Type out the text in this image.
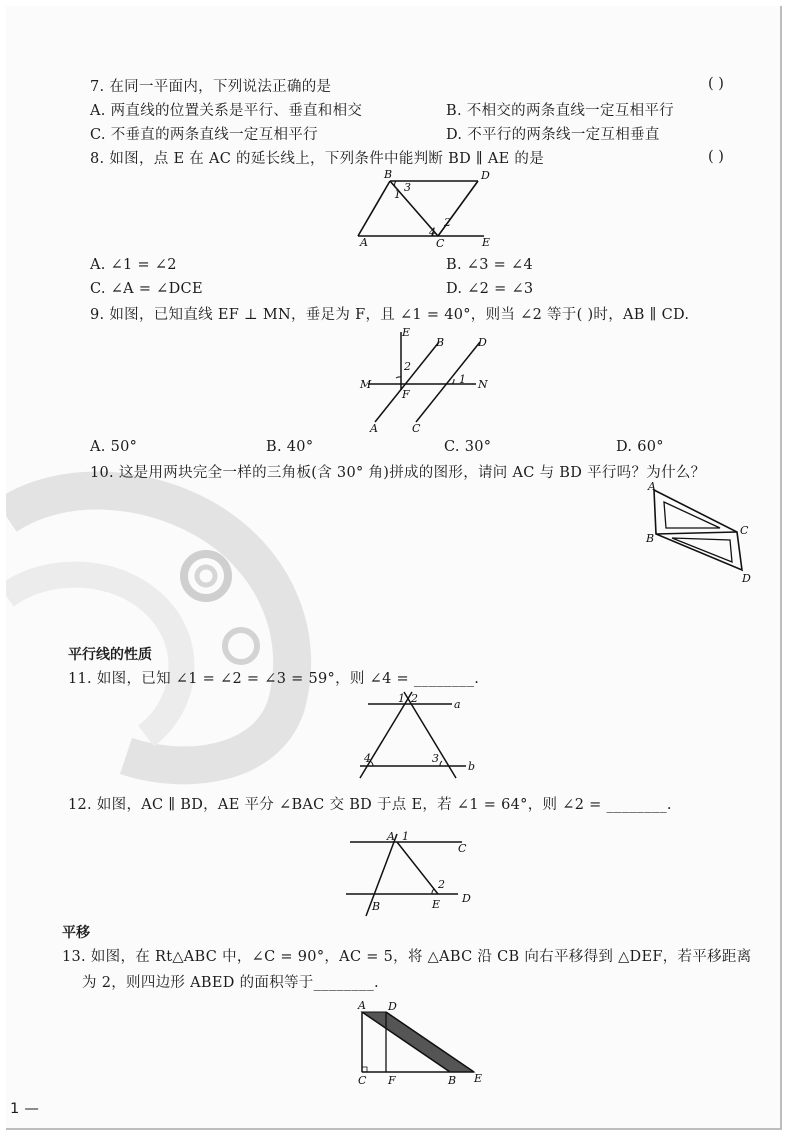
7. 在同一平面内，下列说法正确的是	( )
A. 两直线的位置关系是平行、垂直和相交	B. 不相交的两条直线一定互相平行
C. 不垂直的两条直线一定互相平行	D. 不平行的两条线一定互相垂直
8. 如图，点 E 在 AC 的延长线上，下列条件中能判断 BD ∥ AE 的是	( )
B	D
A	C	E
1
3
2
4
A. ∠1 = ∠2	B. ∠3 = ∠4
C. ∠A = ∠DCE	D. ∠2 = ∠3
9. 如图，已知直线 EF ⊥ MN，垂足为 F，且 ∠1 = 40°，则当 ∠2 等于( )时，AB ∥ CD.
E
B	D
M
F
N
A	C
2
1
A. 50°	B. 40°	C. 30°	D. 60°
10. 这是用两块完全一样的三角板(含 30° 角)拼成的图形，请问 AC 与 BD 平行吗？为什么？
A
C
B
D
平行线的性质
11. 如图，已知 ∠1 = ∠2 = ∠3 = 59°，则 ∠4 = ________.
a
b
1 2
4	3
12. 如图，AC ∥ BD，AE 平分 ∠BAC 交 BD 于点 E，若 ∠1 = 64°，则 ∠2 = ________.
A 1
C
2
B	E D
平移
13. 如图，在 Rt△ABC 中，∠C = 90°，AC = 5，将 △ABC 沿 CB 向右平移得到 △DEF，若平移距离
为 2，则四边形 ABED 的面积等于________.
A D
C F	B E
1 —
